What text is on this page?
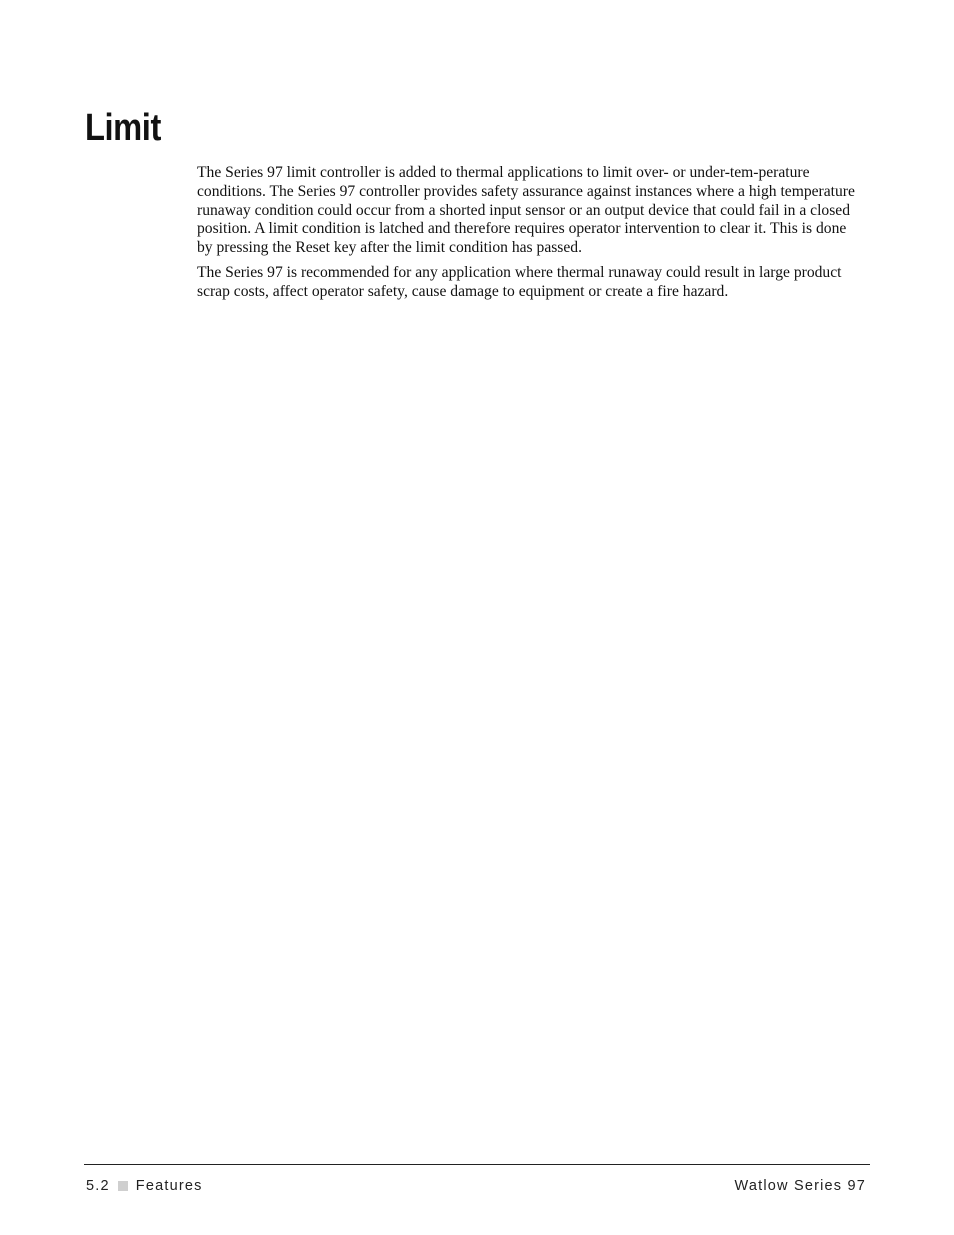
Limit

The Series 97 limit controller is added to thermal applications to limit over- or under-tem-perature conditions. The Series 97 controller provides safety assurance against instances where a high temperature runaway condition could occur from a shorted input sensor or an output device that could fail in a closed position. A limit condition is latched and therefore requires operator intervention to clear it. This is done by pressing the Reset key after the limit condition has passed.

The Series 97 is recommended for any application where thermal runaway could result in large product scrap costs, affect operator safety, cause damage to equipment or create a fire hazard.

5.2 Features	Watlow Series 97
